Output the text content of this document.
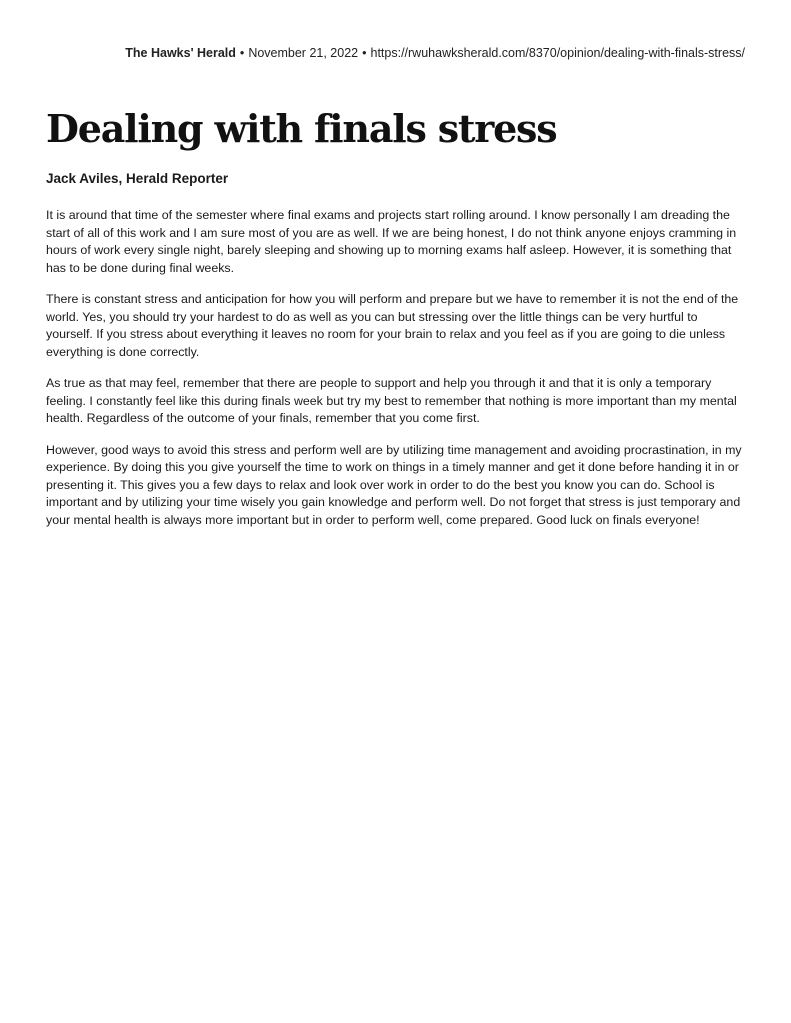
The Hawks' Herald • November 21, 2022 • https://rwuhawksherald.com/8370/opinion/dealing-with-finals-stress/
Dealing with finals stress
Jack Aviles, Herald Reporter

It is around that time of the semester where final exams and projects start rolling around. I know personally I am dreading the start of all of this work and I am sure most of you are as well. If we are being honest, I do not think anyone enjoys cramming in hours of work every single night, barely sleeping and showing up to morning exams half asleep. However, it is something that has to be done during final weeks.

There is constant stress and anticipation for how you will perform and prepare but we have to remember it is not the end of the world. Yes, you should try your hardest to do as well as you can but stressing over the little things can be very hurtful to yourself. If you stress about everything it leaves no room for your brain to relax and you feel as if you are going to die unless everything is done correctly.

As true as that may feel, remember that there are people to support and help you through it and that it is only a temporary feeling. I constantly feel like this during finals week but try my best to remember that nothing is more important than my mental health. Regardless of the outcome of your finals, remember that you come first.

However, good ways to avoid this stress and perform well are by utilizing time management and avoiding procrastination, in my experience. By doing this you give yourself the time to work on things in a timely manner and get it done before handing it in or presenting it. This gives you a few days to relax and look over work in order to do the best you know you can do. School is important and by utilizing your time wisely you gain knowledge and perform well. Do not forget that stress is just temporary and your mental health is always more important but in order to perform well, come prepared. Good luck on finals everyone!
